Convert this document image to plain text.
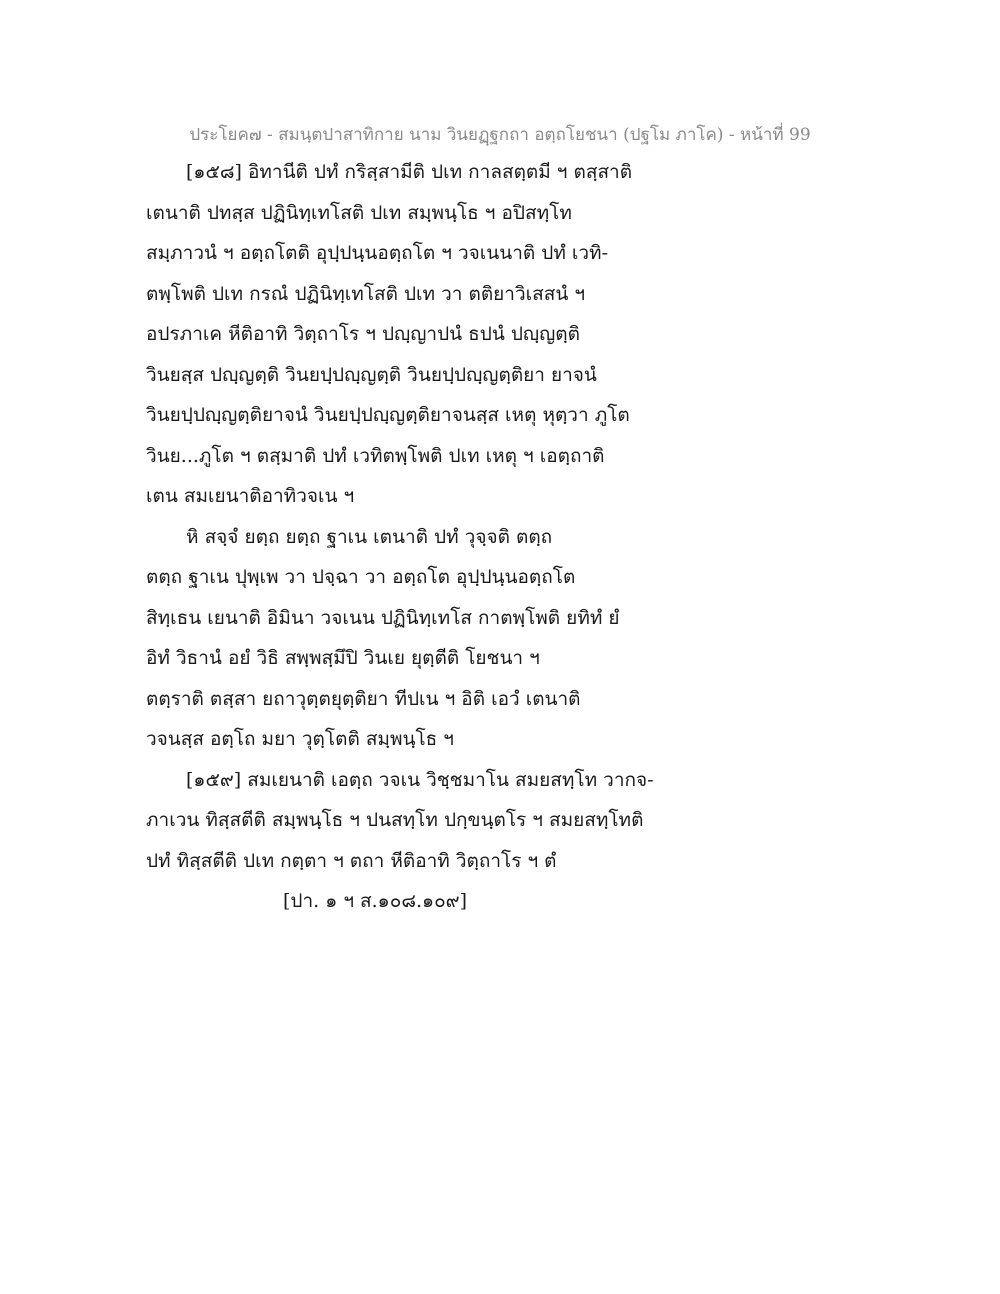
ประโยค๗ - สมนฺตปาสาทิกาย นาม วินยฏฺฐกถา อตฺถโยชนา (ปฐโม ภาโค) - หน้าที่ 99
[๑๕๘] อิทานีติ ปทํ กริสฺสามีติ ปเท กาลสตฺตมี ฯ ตสฺสาติ
เตนาติ ปทสฺส ปฏินิทฺเทโสติ ปเท สมฺพนฺโธ ฯ อปิสทฺโท
สมฺภาวนํ ฯ อตฺถโตติ อุปฺปนฺนอตฺถโต ฯ วจเนนาติ ปทํ เวทิ-
ตพฺโพติ ปเท กรณํ ปฏินิทฺเทโสติ ปเท วา ตติยาวิเสสนํ ฯ
อปรภาเค หีติอาทิ วิตฺถาโร ฯ ปญฺญาปนํ ธปนํ ปญฺญตฺติ
วินยสฺส ปญฺญตฺติ วินยปฺปญฺญตฺติ วินยปฺปญฺญตฺติยา ยาจนํ
วินยปฺปญฺญตฺติยาจนํ วินยปฺปญฺญตฺติยาจนสฺส เหตุ หุตฺวา ภูโต
วินย...ภูโต ฯ ตสฺมาติ ปทํ เวทิตพฺโพติ ปเท เหตุ ฯ เอตฺถาติ
เตน สมเยนาติอาทิวจเน ฯ
หิ สจฺจํ ยตฺถ ยตฺถ ฐาเน เตนาติ ปทํ วุจฺจติ ตตฺถ
ตตฺถ ฐาเน ปุพฺเพ วา ปจฺฉา วา อตฺถโต อุปฺปนฺนอตฺถโต
สิทฺเธน เยนาติ อิมินา วจเนน ปฏินิทฺเทโส กาตพฺโพติ ยทิทํ ยํ
อิทํ วิธานํ อยํ วิธิ สพฺพสฺมึปิ วินเย ยุตฺตีติ โยชนา ฯ
ตตฺราติ ตสฺสา ยถาวุตฺตยุตฺติยา ทีปเน ฯ อิติ เอวํ เตนาติ
วจนสฺส อตฺโถ มยา วุตฺโตติ สมฺพนฺโธ ฯ
[๑๕๙] สมเยนาติ เอตฺถ วจเน วิชฺชมาโน สมยสทฺโท วากจ-
ภาเวน ทิสฺสตีติ สมฺพนฺโธ ฯ ปนสทฺโท ปกฺขนฺตโร ฯ สมยสทฺโทติ
ปทํ ทิสฺสตีติ ปเท กตฺตา ฯ ตถา หีติอาทิ วิตฺถาโร ฯ ตํ
[ปา. ๑ ฯ ส.๑๐๘.๑๐๙]
